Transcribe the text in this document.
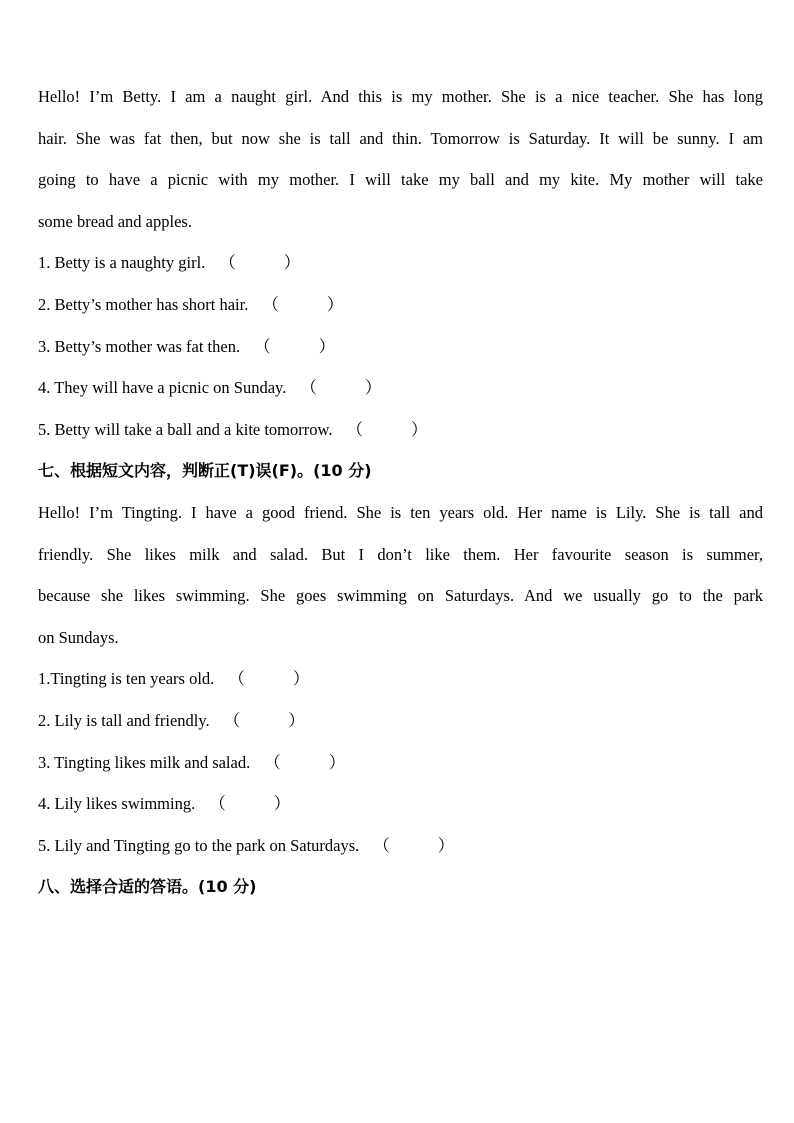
Hello! I’m Betty. I am a naught girl. And this is my mother. She is a nice teacher. She has long
hair. She was fat then, but now she is tall and thin. Tomorrow is Saturday. It will be sunny. I am
going to have a picnic with my mother. I will take my ball and my kite. My mother will take
some bread and apples.
1. Betty is a naughty girl. （	）
2. Betty’s mother has short hair. （	）
3. Betty’s mother was fat then. （	）
4. They will have a picnic on Sunday. （	）
5. Betty will take a ball and a kite tomorrow. （	）
七、根据短文内容，判断正(T)误(F)。(10 分)
Hello! I’m Tingting. I have a good friend. She is ten years old. Her name is Lily. She is tall and
friendly. She likes milk and salad. But I don’t like them. Her favourite season is summer,
because she likes swimming. She goes swimming on Saturdays. And we usually go to the park
on Sundays.
1.Tingting is ten years old. （	）
2. Lily is tall and friendly. （	）
3. Tingting likes milk and salad. （	）
4. Lily likes swimming. （	）
5. Lily and Tingting go to the park on Saturdays. （	）
八、选择合适的答语。(10 分)
